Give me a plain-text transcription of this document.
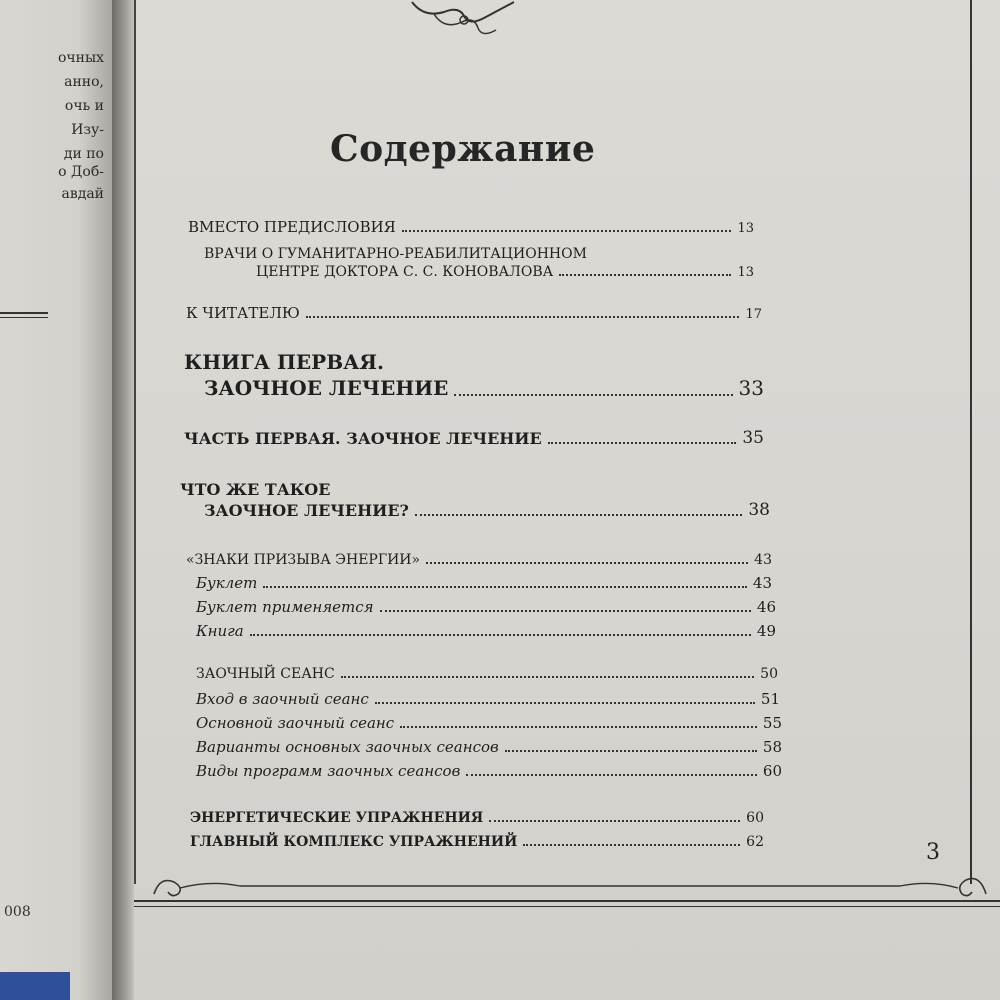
очных
анно,
очь и
Изу-
ди по
о Доб-
авдай
008
Содержание
ВМЕСТО ПРЕДИСЛОВИЯ	13
ВРАЧИ О ГУМАНИТАРНО-РЕАБИЛИТАЦИОННОМ
ЦЕНТРЕ ДОКТОРА С. С. КОНОВАЛОВА	13
К ЧИТАТЕЛЮ	17
КНИГА ПЕРВАЯ.
ЗАОЧНОЕ ЛЕЧЕНИЕ	33
ЧАСТЬ ПЕРВАЯ. ЗАОЧНОЕ ЛЕЧЕНИЕ	35
ЧТО ЖЕ ТАКОЕ
ЗАОЧНОЕ ЛЕЧЕНИЕ?	38
«ЗНАКИ ПРИЗЫВА ЭНЕРГИИ»	43
Буклет	43
Буклет применяется	46
Книга	49
ЗАОЧНЫЙ СЕАНС	50
Вход в заочный сеанс	51
Основной заочный сеанс	55
Варианты основных заочных сеансов	58
Виды программ заочных сеансов	60
ЭНЕРГЕТИЧЕСКИЕ УПРАЖНЕНИЯ	60
ГЛАВНЫЙ КОМПЛЕКС УПРАЖНЕНИЙ	62	3
